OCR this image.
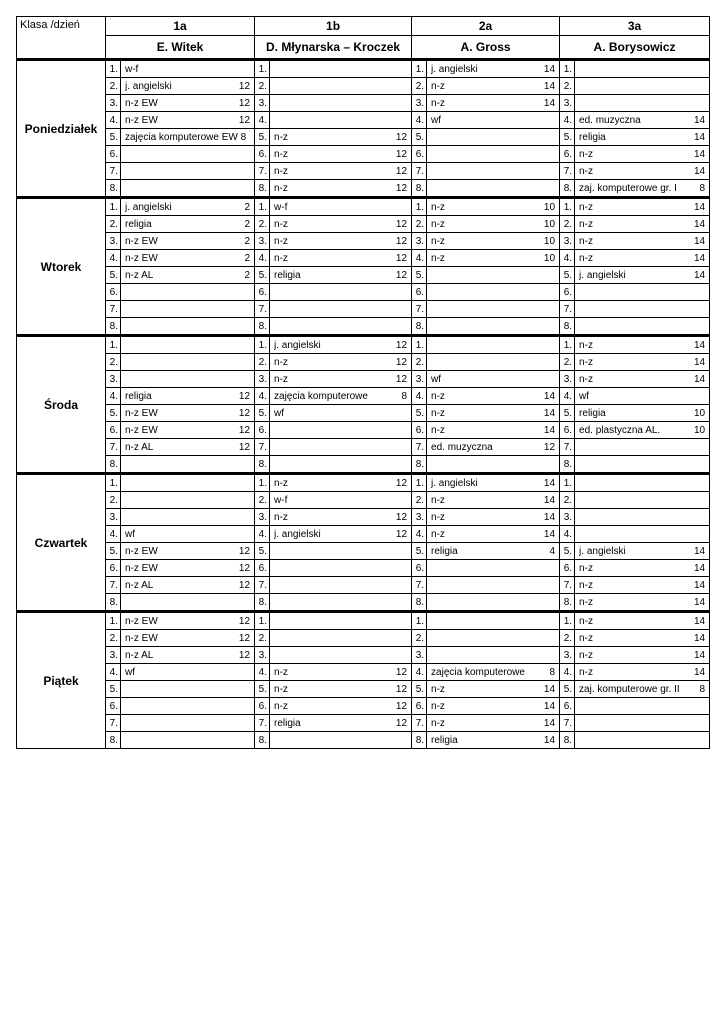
Klasa /dzień	1a		1b		2a		3a	
	E. Witek		D. Młynarska – Kroczek		A. Gross		A. Borysowicz	
Poniedziałek	1.	w-f	1.		1.	j. angielski 14	1.	

	2.	j. angielski 12	2.		2.	n-z 14	2.	

	3.	n-z EW 12	3.		3.	n-z 14	3.	

	4.	n-z EW 12	4.		4.	wf	4.	ed. muzyczna 14

	5.	zajęcia komputerowe EW 8	5.	n-z 12	5.		5.	religia 14

	6.		6.	n-z 12	6.		6.	n-z 14

	7.		7.	n-z 12	7.		7.	n-z 14

	8.		8.	n-z 12	8.		8.	zaj. komputerowe gr. I 8

Wtorek	1.	j. angielski 2	1.	w-f	1.	n-z 10	1.	n-z 14

	2.	religia 2	2.	n-z 12	2.	n-z 10	2.	n-z 14

	3.	n-z EW 2	3.	n-z 12	3.	n-z 10	3.	n-z 14

	4.	n-z EW 2	4.	n-z 12	4.	n-z 10	4.	n-z 14

	5.	n-z AL 2	5.	religia 12	5.		5.	j. angielski 14

	6.		6.		6.		6.	

	7.		7.		7.		7.	

	8.		8.		8.		8.	

Środa	1.		1.	j. angielski 12	1.		1.	n-z 14

	2.		2.	n-z 12	2.		2.	n-z 14

	3.		3.	n-z 12	3.	wf	3.	n-z 14

	4.	religia 12	4.	zajęcia komputerowe 8	4.	n-z 14	4.	wf

	5.	n-z EW 12	5.	wf	5.	n-z 14	5.	religia 10

	6.	n-z EW 12	6.		6.	n-z 14	6.	ed. plastyczna AL. 10

	7.	n-z AL 12	7.		7.	ed. muzyczna 12	7.	

	8.		8.		8.		8.	

Czwartek	1.		1.	n-z 12	1.	j. angielski 14	1.	

	2.		2.	w-f	2.	n-z 14	2.	

	3.		3.	n-z 12	3.	n-z 14	3.	

	4.	wf	4.	j. angielski 12	4.	n-z 14	4.	

	5.	n-z EW 12	5.		5.	religia 4	5.	j. angielski 14

	6.	n-z EW 12	6.		6.		6.	n-z 14

	7.	n-z AL 12	7.		7.		7.	n-z 14

	8.		8.		8.		8.	n-z 14

Piątek	1.	n-z EW 12	1.		1.		1.	n-z 14

	2.	n-z EW 12	2.		2.		2.	n-z 14

	3.	n-z AL 12	3.		3.		3.	n-z 14

	4.	wf	4.	n-z 12	4.	zajęcia komputerowe 8	4.	n-z 14

	5.		5.	n-z 12	5.	n-z 14	5.	zaj. komputerowe gr. II 8

	6.		6.	n-z 12	6.	n-z 14	6.	

	7.		7.	religia 12	7.	n-z 14	7.	

	8.		8.		8.	religia 14	8.	
